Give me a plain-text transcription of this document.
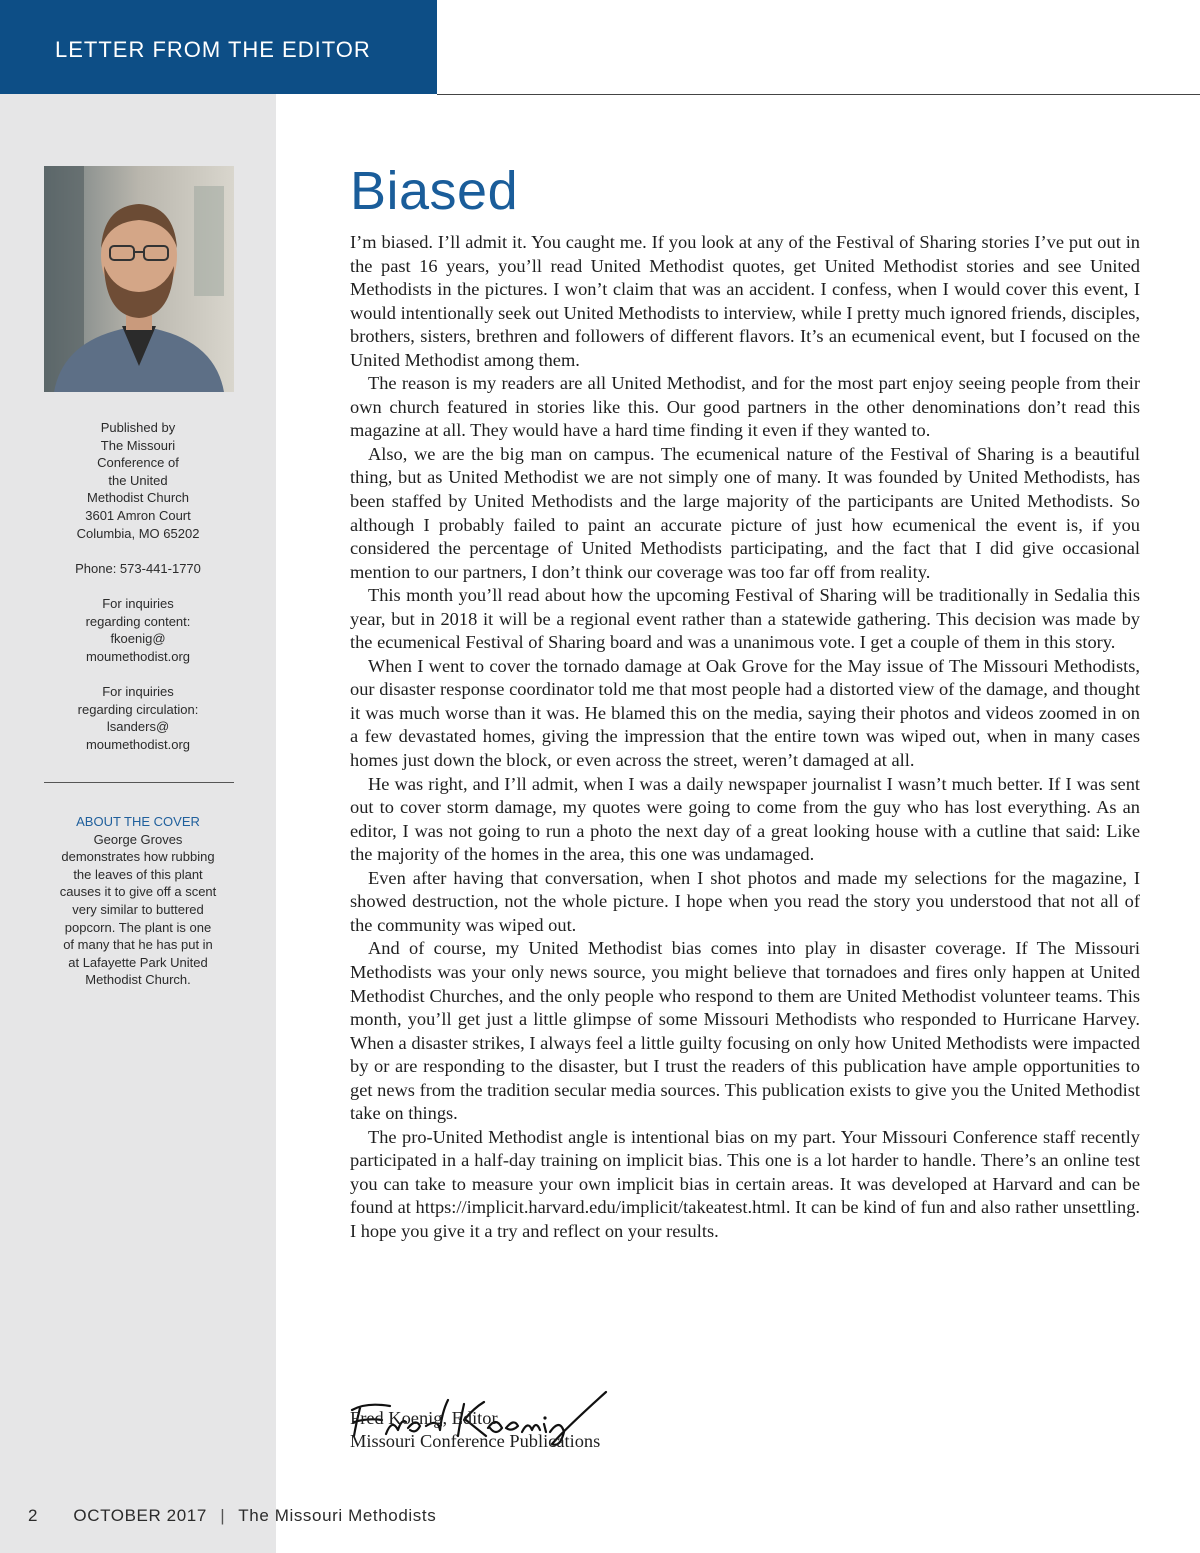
LETTER FROM THE EDITOR
Published by
The Missouri
Conference of
the United
Methodist Church
3601 Amron Court
Columbia, MO 65202
Phone: 573-441-1770
For inquiries
regarding content:
fkoenig@
moumethodist.org
For inquiries
regarding circulation:
lsanders@
moumethodist.org
ABOUT THE COVER
George Groves
demonstrates how rubbing
the leaves of this plant
causes it to give off a scent
very similar to buttered
popcorn. The plant is one
of many that he has put in
at Lafayette Park United
Methodist Church.
Biased

I’m biased. I’ll admit it. You caught me. If you look at any of the Festival of Sharing stories I’ve put out in the past 16 years, you’ll read United Methodist quotes, get United Methodist stories and see United Methodists in the pictures. I won’t claim that was an accident. I confess, when I would cover this event, I would intentionally seek out United Methodists to interview, while I pretty much ignored friends, disciples, brothers, sisters, brethren and followers of different flavors. It’s an ecumenical event, but I focused on the United Methodist among them.

The reason is my readers are all United Methodist, and for the most part enjoy seeing people from their own church featured in stories like this. Our good partners in the other denominations don’t read this magazine at all. They would have a hard time finding it even if they wanted to.

Also, we are the big man on campus. The ecumenical nature of the Festival of Sharing is a beautiful thing, but as United Methodist we are not simply one of many. It was founded by United Methodists, has been staffed by United Methodists and the large majority of the participants are United Methodists. So although I probably failed to paint an accurate picture of just how ecumenical the event is, if you considered the percentage of United Methodists participating, and the fact that I did give occasional mention to our partners, I don’t think our coverage was too far off from reality.

This month you’ll read about how the upcoming Festival of Sharing will be traditionally in Sedalia this year, but in 2018 it will be a regional event rather than a statewide gathering. This decision was made by the ecumenical Festival of Sharing board and was a unanimous vote. I get a couple of them in this story.

When I went to cover the tornado damage at Oak Grove for the May issue of The Missouri Methodists, our disaster response coordinator told me that most people had a distorted view of the damage, and thought it was much worse than it was. He blamed this on the media, saying their photos and videos zoomed in on a few devastated homes, giving the impression that the entire town was wiped out, when in many cases homes just down the block, or even across the street, weren’t damaged at all.

He was right, and I’ll admit, when I was a daily newspaper journalist I wasn’t much better. If I was sent out to cover storm damage, my quotes were going to come from the guy who has lost everything. As an editor, I was not going to run a photo the next day of a great looking house with a cutline that said: Like the majority of the homes in the area, this one was undamaged.

Even after having that conversation, when I shot photos and made my selections for the magazine, I showed destruction, not the whole picture. I hope when you read the story you understood that not all of the community was wiped out.

And of course, my United Methodist bias comes into play in disaster coverage. If The Missouri Methodists was your only news source, you might believe that tornadoes and fires only happen at United Methodist Churches, and the only people who respond to them are United Methodist volunteer teams. This month, you’ll get just a little glimpse of some Missouri Methodists who responded to Hurricane Harvey. When a disaster strikes, I always feel a little guilty focusing on only how United Methodists were impacted by or are responding to the disaster, but I trust the readers of this publication have ample opportunities to get news from the tradition secular media sources. This publication exists to give you the United Methodist take on things.

The pro-United Methodist angle is intentional bias on my part. Your Missouri Conference staff recently participated in a half-day training on implicit bias. This one is a lot harder to handle. There’s an online test you can take to measure your own implicit bias in certain areas. It was developed at Harvard and can be found at https://implicit.harvard.edu/implicit/takeatest.html. It can be kind of fun and also rather unsettling. I hope you give it a try and reflect on your results.

Fred Koenig, Editor
Missouri Conference Publications
2 OCTOBER 2017 | The Missouri Methodists
